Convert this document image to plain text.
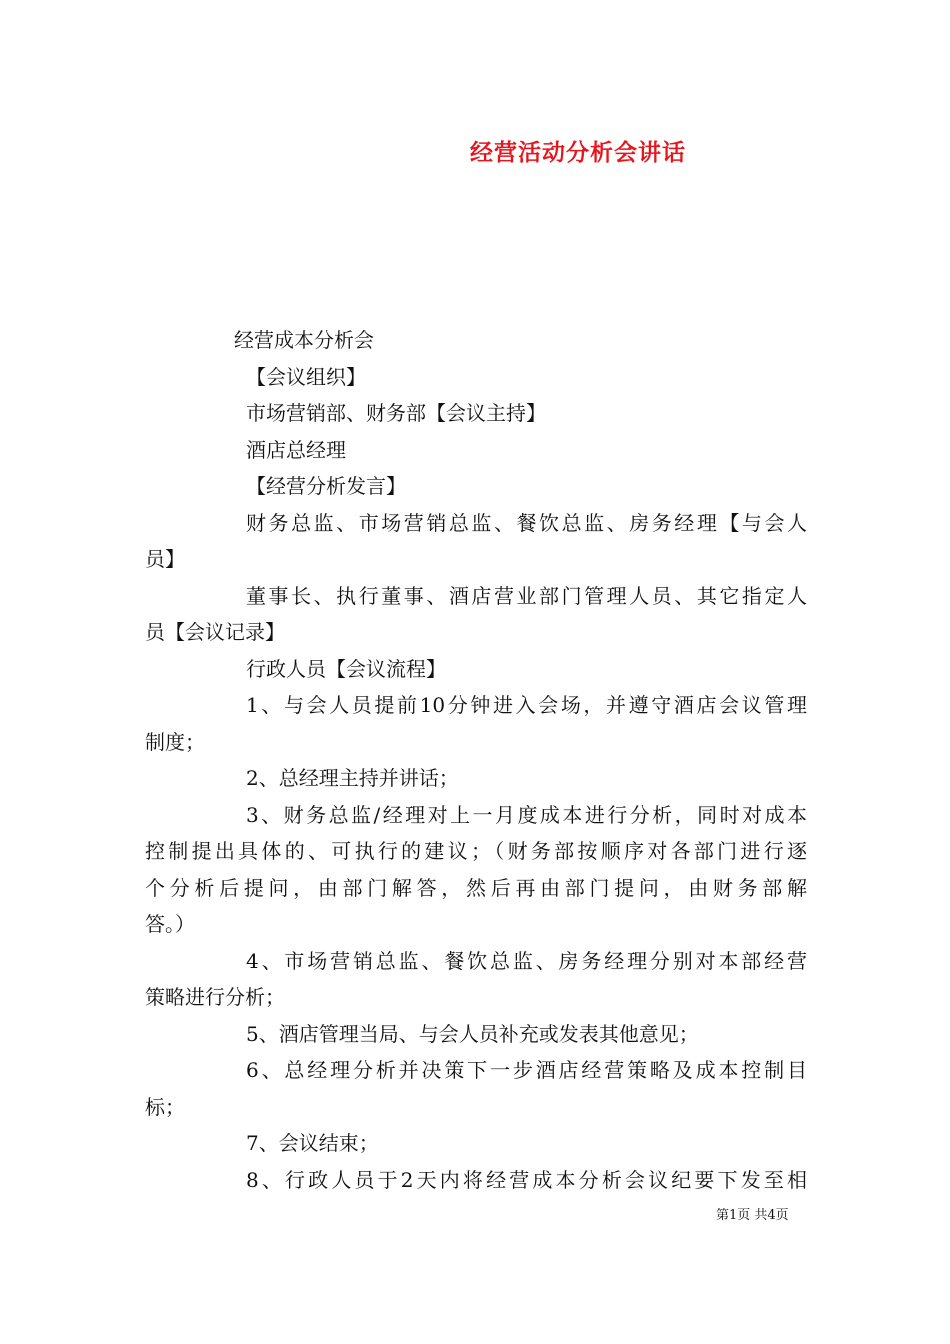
经营活动分析会讲话
经营成本分析会
【会议组织】
市场营销部、财务部【会议主持】
酒店总经理
【经营分析发言】
财务总监、市场营销总监、餐饮总监、房务经理【与会人
员】
董事长、执行董事、酒店营业部门管理人员、其它指定人
员【会议记录】
行政人员【会议流程】
1、与会人员提前10分钟进入会场，并遵守酒店会议管理
制度；
2、总经理主持并讲话；
3、财务总监/经理对上一月度成本进行分析，同时对成本
控制提出具体的、可执行的建议；（财务部按顺序对各部门进行逐
个分析后提问，由部门解答，然后再由部门提问，由财务部解
答。）
4、市场营销总监、餐饮总监、房务经理分别对本部经营
策略进行分析；
5、酒店管理当局、与会人员补充或发表其他意见；
6、总经理分析并决策下一步酒店经营策略及成本控制目
标；
7、会议结束；
8、行政人员于2天内将经营成本分析会议纪要下发至相
第1页 共4页
